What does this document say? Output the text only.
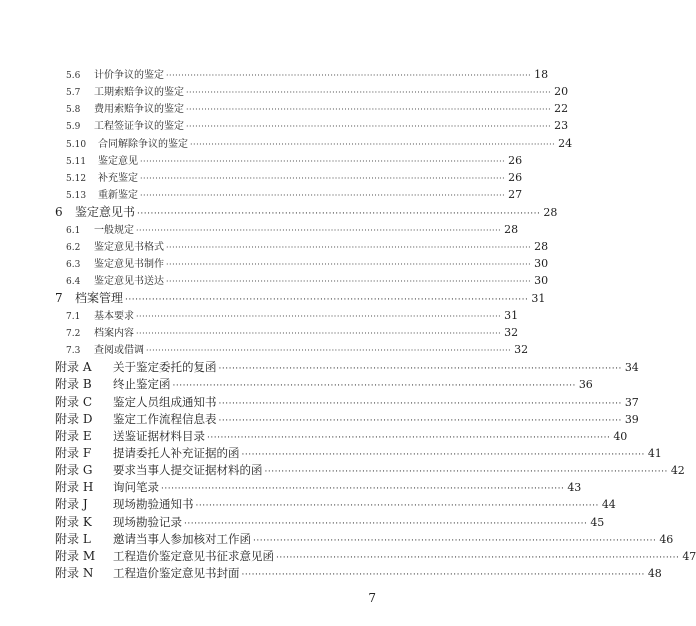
5.6	计价争议的鉴定 ························································································································ 18
5.7	工期索赔争议的鉴定 ························································································································ 20
5.8	费用索赔争议的鉴定 ························································································································ 22
5.9	工程签证争议的鉴定 ························································································································ 23
5.10	合同解除争议的鉴定 ························································································································ 24
5.11	鉴定意见 ························································································································ 26
5.12	补充鉴定 ························································································································ 26
5.13	重新鉴定 ························································································································ 27
6	鉴定意见书 ························································································································ 28
6.1	一般规定 ························································································································ 28
6.2	鉴定意见书格式 ························································································································ 28
6.3	鉴定意见书制作 ························································································································ 30
6.4	鉴定意见书送达 ························································································································ 30
7	档案管理 ························································································································ 31
7.1	基本要求 ························································································································ 31
7.2	档案内容 ························································································································ 32
7.3	查阅或借调 ························································································································ 32
附录 A	关于鉴定委托的复函 ························································································································ 34
附录 B	终止鉴定函 ························································································································ 36
附录 C	鉴定人员组成通知书 ························································································································ 37
附录 D	鉴定工作流程信息表 ························································································································ 39
附录 E	送鉴证据材料目录 ························································································································ 40
附录 F	提请委托人补充证据的函 ························································································································ 41
附录 G	要求当事人提交证据材料的函 ························································································································ 42
附录 H	询问笔录 ························································································································ 43
附录 J	现场勘验通知书 ························································································································ 44
附录 K	现场勘验记录 ························································································································ 45
附录 L	邀请当事人参加核对工作函 ························································································································ 46
附录 M	工程造价鉴定意见书征求意见函 ························································································································ 47
附录 N	工程造价鉴定意见书封面 ························································································································ 48
7
